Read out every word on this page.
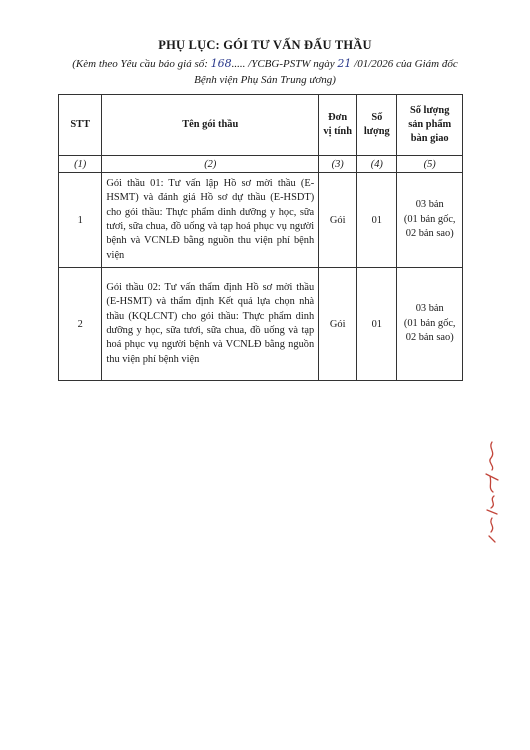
PHỤ LỤC: GÓI TƯ VẤN ĐẤU THẦU
(Kèm theo Yêu cầu báo giá số: 168..... /YCBG-PSTW ngày 21 /01/2026 của Giám đốc
Bệnh viện Phụ Sản Trung ương)
STT	Tên gói thầu	Đơn vị tính	Số lượng	Số lượng sản phẩm bàn giao
(1)	(2)	(3)	(4)	(5)
1	Gói thầu 01: Tư vấn lập Hồ sơ mời thầu (E-HSMT) và đánh giá Hồ sơ dự thầu (E-HSDT) cho gói thầu: Thực phẩm dinh dưỡng y học, sữa tươi, sữa chua, đồ uống và tạp hoá phục vụ người bệnh và VCNLĐ bằng nguồn thu viện phí bệnh viện	Gói	01	03 bản
(01 bản gốc, 02 bản sao)
2	Gói thầu 02: Tư vấn thẩm định Hồ sơ mời thầu (E-HSMT) và thẩm định Kết quả lựa chọn nhà thầu (KQLCNT) cho gói thầu: Thực phẩm dinh dưỡng y học, sữa tươi, sữa chua, đồ uống và tạp hoá phục vụ người bệnh và VCNLĐ bằng nguồn thu viện phí bệnh viện	Gói	01	03 bản
(01 bản gốc, 02 bản sao)
